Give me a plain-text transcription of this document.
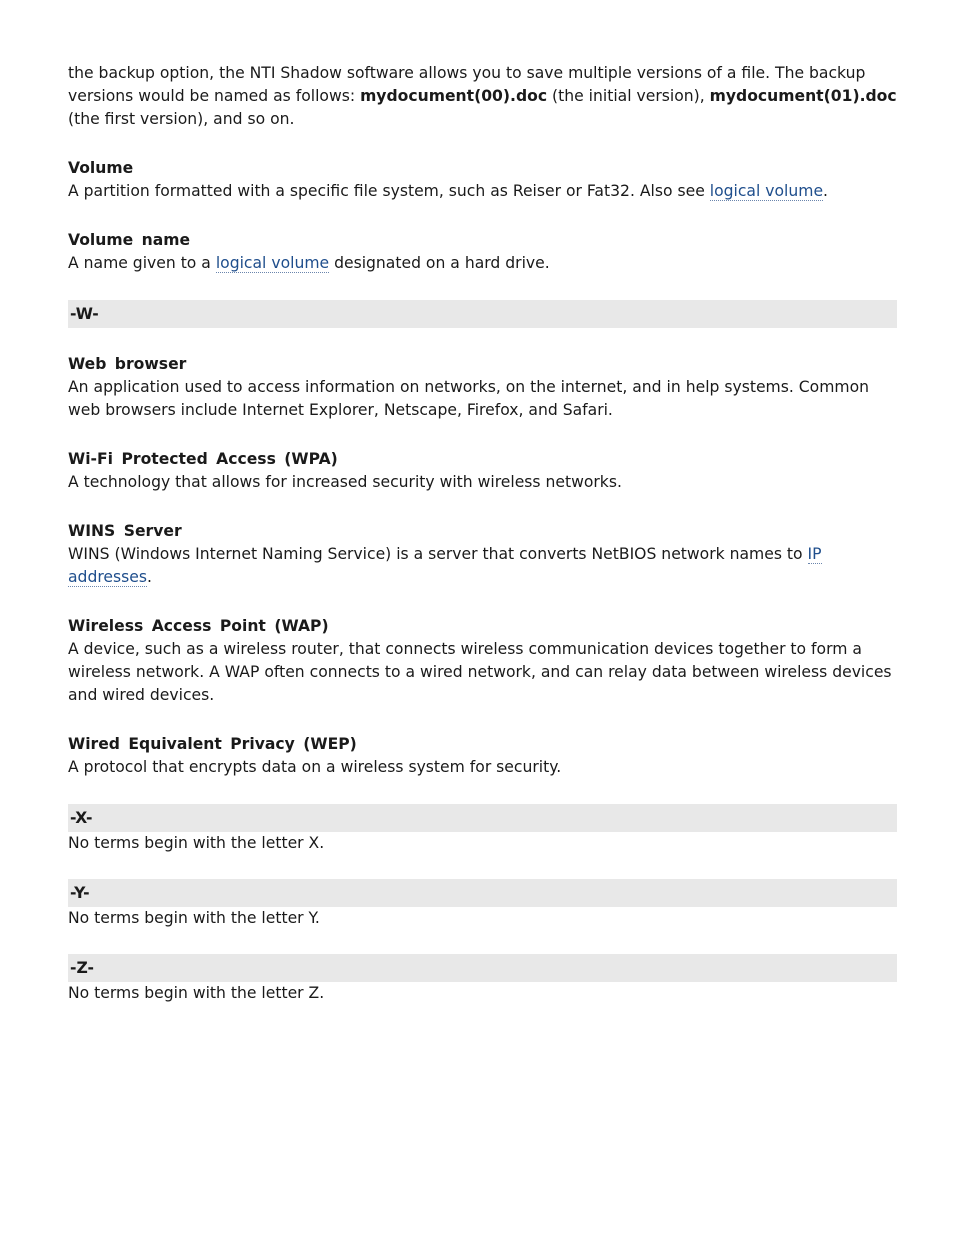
the backup option, the NTI Shadow software allows you to save multiple versions of a file. The backup versions would be named as follows: mydocument(00).doc (the initial version), mydocument(01).doc (the first version), and so on.

Volume
A partition formatted with a specific file system, such as Reiser or Fat32. Also see logical volume.
Volume name
A name given to a logical volume designated on a hard drive.
-W-
Web browser
An application used to access information on networks, on the internet, and in help systems. Common web browsers include Internet Explorer, Netscape, Firefox, and Safari.
Wi-Fi Protected Access (WPA)
A technology that allows for increased security with wireless networks.
WINS Server
WINS (Windows Internet Naming Service) is a server that converts NetBIOS network names to IP addresses.
Wireless Access Point (WAP)
A device, such as a wireless router, that connects wireless communication devices together to form a wireless network. A WAP often connects to a wired network, and can relay data between wireless devices and wired devices.
Wired Equivalent Privacy (WEP)
A protocol that encrypts data on a wireless system for security.
-X-

No terms begin with the letter X.

-Y-

No terms begin with the letter Y.

-Z-

No terms begin with the letter Z.
